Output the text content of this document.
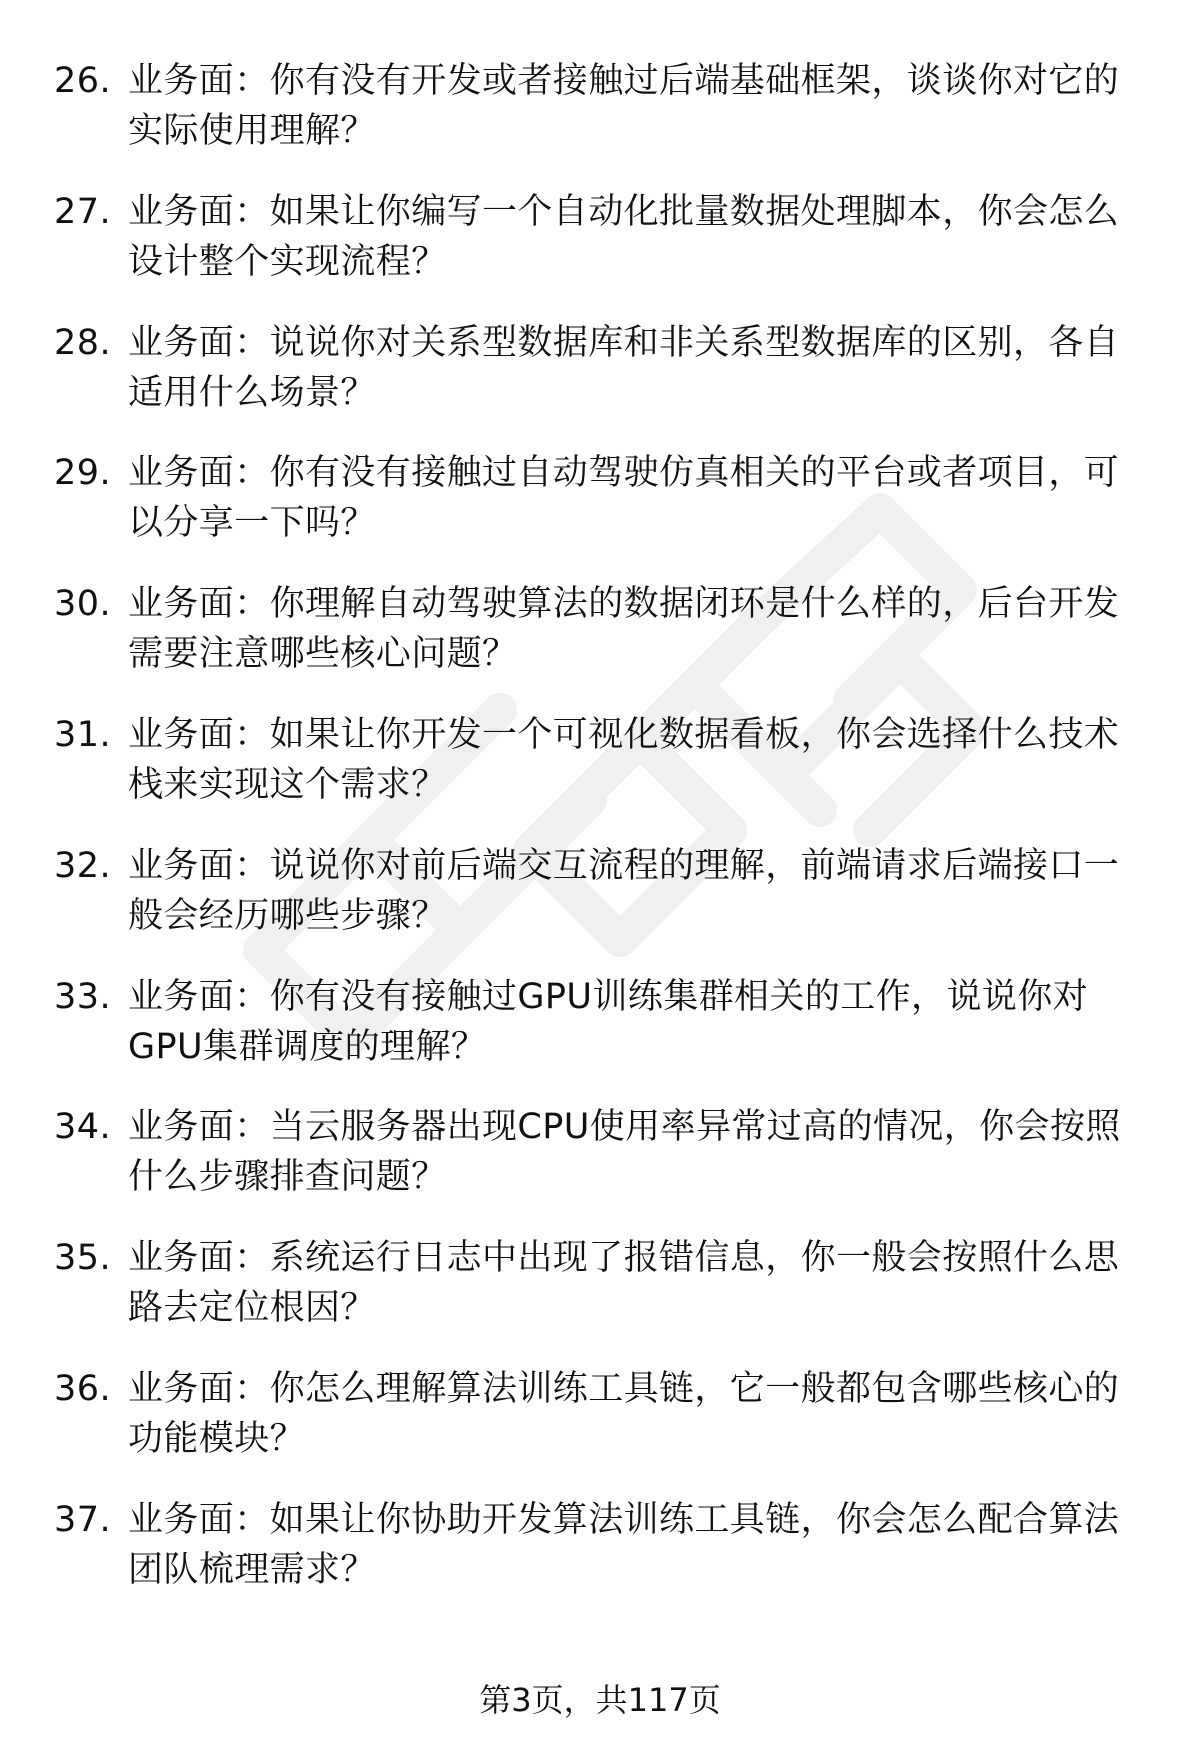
26. 业务面：你有没有开发或者接触过后端基础框架，谈谈你对它的
实际使用理解？
27. 业务面：如果让你编写一个自动化批量数据处理脚本，你会怎么
设计整个实现流程？
28. 业务面：说说你对关系型数据库和非关系型数据库的区别，各自
适用什么场景？
29. 业务面：你有没有接触过自动驾驶仿真相关的平台或者项目，可
以分享一下吗？
30. 业务面：你理解自动驾驶算法的数据闭环是什么样的，后台开发
需要注意哪些核心问题？
31. 业务面：如果让你开发一个可视化数据看板，你会选择什么技术
栈来实现这个需求？
32. 业务面：说说你对前后端交互流程的理解，前端请求后端接口一
般会经历哪些步骤？
33. 业务面：你有没有接触过GPU训练集群相关的工作，说说你对
GPU集群调度的理解？
34. 业务面：当云服务器出现CPU使用率异常过高的情况，你会按照
什么步骤排查问题？
35. 业务面：系统运行日志中出现了报错信息，你一般会按照什么思
路去定位根因？
36. 业务面：你怎么理解算法训练工具链，它一般都包含哪些核心的
功能模块？
37. 业务面：如果让你协助开发算法训练工具链，你会怎么配合算法
团队梳理需求？
第3页，共117页
